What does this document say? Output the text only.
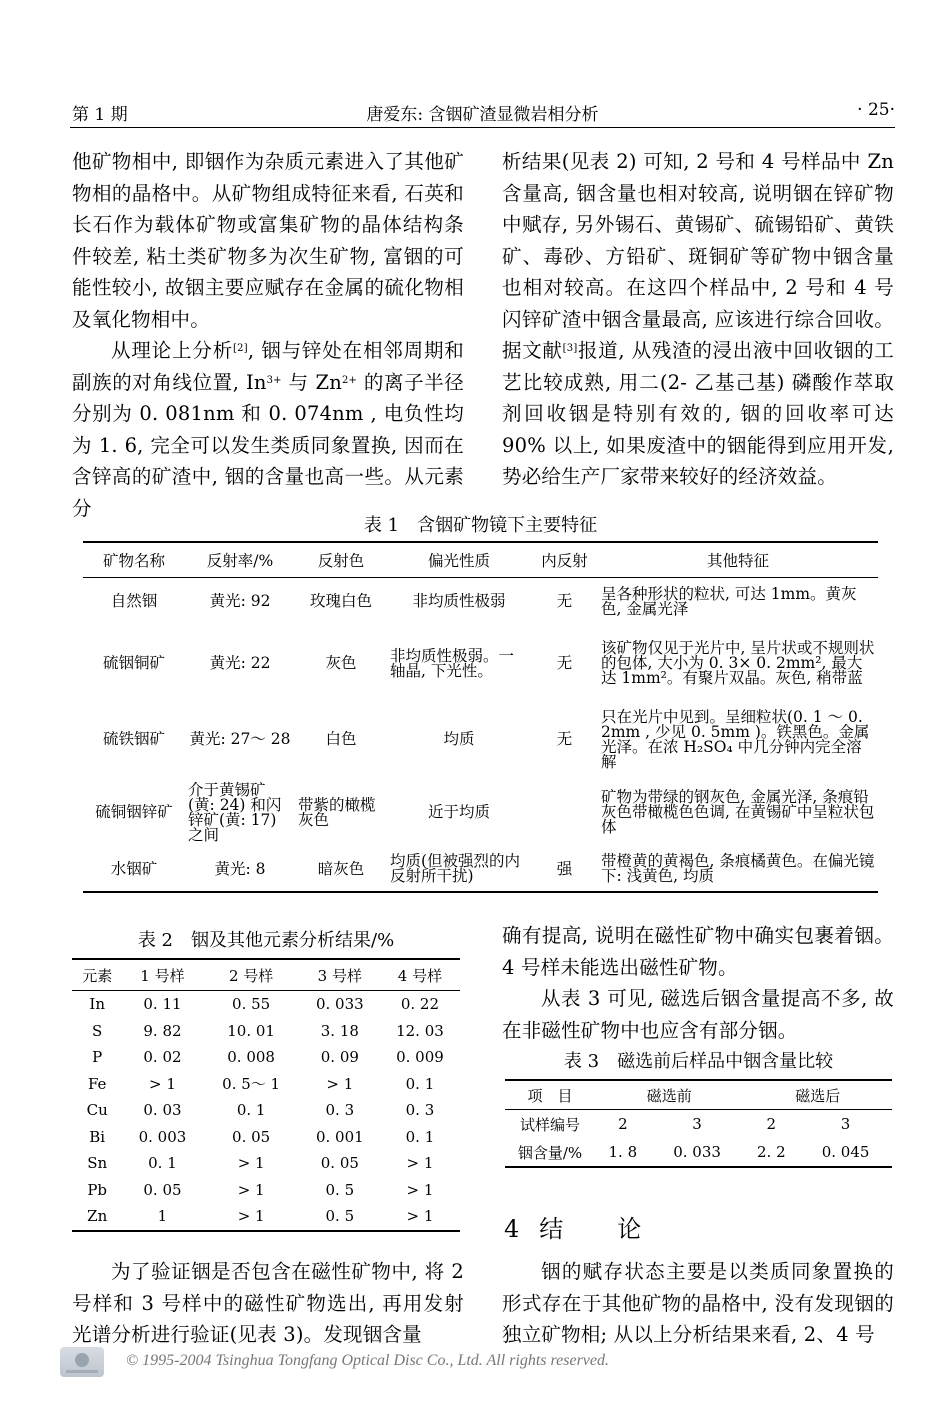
第 1 期	唐爱东: 含铟矿渣显微岩相分析	· 25·

他矿物相中, 即铟作为杂质元素进入了其他矿物相的晶格中。从矿物组成特征来看, 石英和长石作为载体矿物或富集矿物的晶体结构条件较差, 粘土类矿物多为次生矿物, 富铟的可能性较小, 故铟主要应赋存在金属的硫化物相及氧化物相中。

从理论上分析[2], 铟与锌处在相邻周期和副族的对角线位置, $In^{3+}$ 与 $Zn^{2+}$ 的离子半径分别为 0. 081nm 和 0. 074nm , 电负性均为 1. 6, 完全可以发生类质同象置换, 因而在含锌高的矿渣中, 铟的含量也高一些。从元素分

析结果(见表 2) 可知, 2 号和 4 号样品中 Zn 含量高, 铟含量也相对较高, 说明铟在锌矿物中赋存, 另外锡石、黄锡矿、硫锡铅矿、黄铁矿、毒砂、方铅矿、斑铜矿等矿物中铟含量也相对较高。在这四个样品中, 2 号和 4 号闪锌矿渣中铟含量最高, 应该进行综合回收。据文献[3]报道, 从残渣的浸出液中回收铟的工艺比较成熟, 用二(2- 乙基己基) 磷酸作萃取剂回收铟是特别有效的, 铟的回收率可达 90% 以上, 如果废渣中的铟能得到应用开发, 势必给生产厂家带来较好的经济效益。

表 1　含铟矿物镜下主要特征
矿物名称	反射率/%	反射色	偏光性质	内反射	其他特征
自然铟	黄光: 92	玫瑰白色	非均质性极弱	无	呈各种形状的粒状, 可达 1mm。黄灰色, 金属光泽
硫铟铜矿	黄光: 22	灰色	非均质性极弱。一轴晶, 下光性。	无	该矿物仅见于光片中, 呈片状或不规则状的包体, 大小为 0. 3× 0. 2mm², 最大达 1mm²。有聚片双晶。灰色, 稍带蓝
硫铁铟矿	黄光: 27～ 28	白色	均质	无	只在光片中见到。呈细粒状(0. 1 ～ 0. 2mm , 少见 0. 5mm )。铁黑色。金属光泽。在浓 H₂SO₄ 中几分钟内完全溶解
硫铜铟锌矿	介于黄锡矿(黄: 24) 和闪锌矿(黄: 17) 之间	带紫的橄榄灰色	近于均质		矿物为带绿的钢灰色, 金属光泽, 条痕铅灰色带橄榄色色调, 在黄锡矿中呈粒状包体
水铟矿	黄光: 8	暗灰色	均质(但被强烈的内反射所干扰)	强	带橙黄的黄褐色, 条痕橘黄色。在偏光镜下: 浅黄色, 均质
表 2　铟及其他元素分析结果/%
元素	1 号样	2 号样	3 号样	4 号样
In	0. 11	0. 55	0. 033	0. 22
S	9. 82	10. 01	3. 18	12. 03
P	0. 02	0. 008	0. 09	0. 009
Fe	> 1	0. 5～ 1	> 1	0. 1
Cu	0. 03	0. 1	0. 3	0. 3
Bi	0. 003	0. 05	0. 001	0. 1
Sn	0. 1	> 1	0. 05	> 1
Pb	0. 05	> 1	0. 5	> 1
Zn	1	> 1	0. 5	> 1

为了验证铟是否包含在磁性矿物中, 将 2 号样和 3 号样中的磁性矿物选出, 再用发射光谱分析进行验证(见表 3)。发现铟含量

确有提高, 说明在磁性矿物中确实包裹着铟。4 号样未能选出磁性矿物。

从表 3 可见, 磁选后铟含量提高不多, 故在非磁性矿物中也应含有部分铟。

表 3　磁选前后样品中铟含量比较
项　目	磁选前		磁选后	
试样编号	2	3	2	3
铟含量/%	1. 8	0. 033	2. 2	0. 045
4 结 论

铟的赋存状态主要是以类质同象置换的形式存在于其他矿物的晶格中, 没有发现铟的独立矿物相; 从以上分析结果来看, 2、4 号

© 1995-2004 Tsinghua Tongfang Optical Disc Co., Ltd. All rights reserved.
